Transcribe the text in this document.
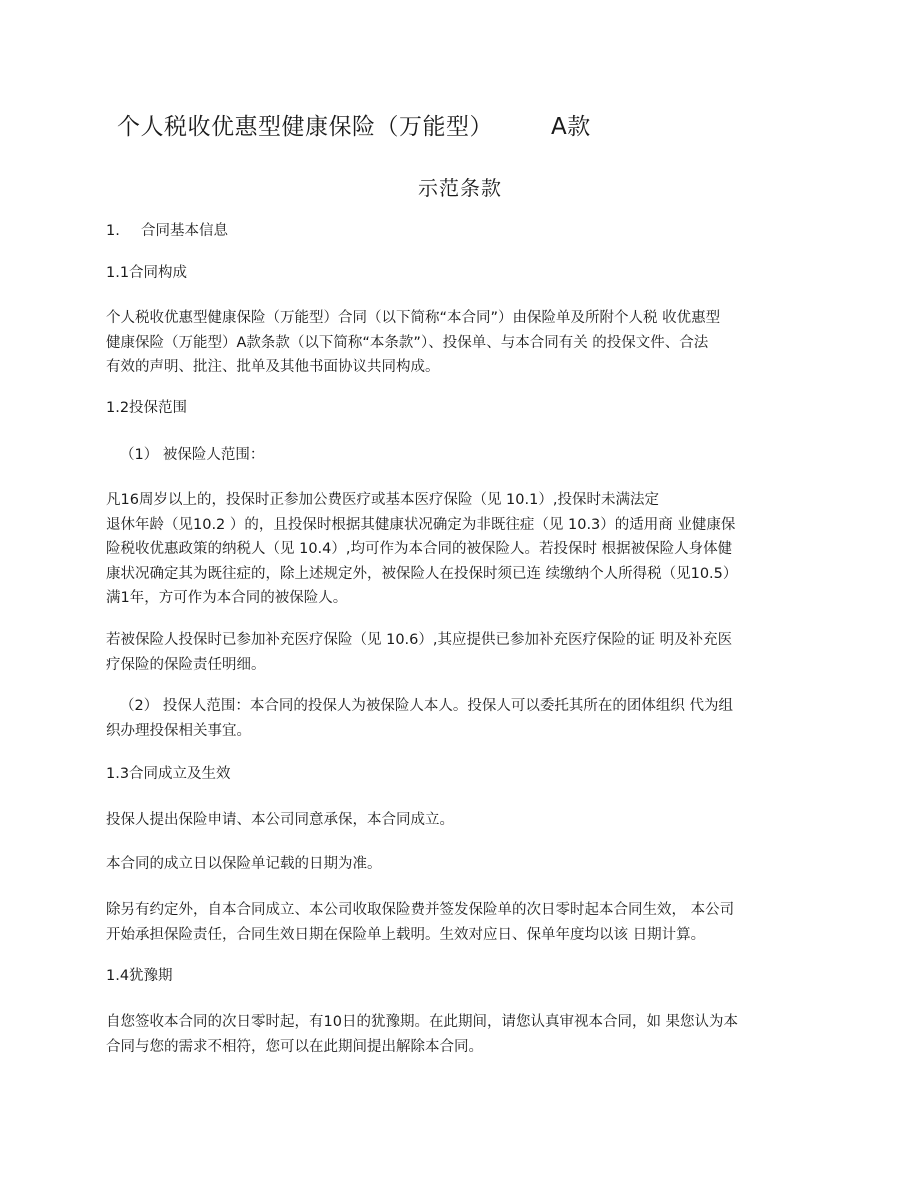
个人税收优惠型健康保险（万能型）	A款
示范条款
1. 合同基本信息
1.1合同构成
个人税收优惠型健康保险（万能型）合同（以下简称“本合同”）由保险单及所附个人税 收优惠型
健康保险（万能型）A款条款（以下简称“本条款”）、投保单、与本合同有关 的投保文件、合法
有效的声明、批注、批单及其他书面协议共同构成。
1.2投保范围
（1） 被保险人范围：
凡16周岁以上的，投保时正参加公费医疗或基本医疗保险（见 10.1）,投保时未满法定
退休年龄（见10.2 ）的，且投保时根据其健康状况确定为非既往症（见 10.3）的适用商 业健康保
险税收优惠政策的纳税人（见 10.4）,均可作为本合同的被保险人。若投保时 根据被保险人身体健
康状况确定其为既往症的，除上述规定外，被保险人在投保时须已连 续缴纳个人所得税（见10.5）
满1年，方可作为本合同的被保险人。
若被保险人投保时已参加补充医疗保险（见 10.6）,其应提供已参加补充医疗保险的证 明及补充医
疗保险的保险责任明细。
（2） 投保人范围：本合同的投保人为被保险人本人。投保人可以委托其所在的团体组织 代为组
织办理投保相关事宜。
1.3合同成立及生效
投保人提出保险申请、本公司同意承保，本合同成立。
本合同的成立日以保险单记载的日期为准。
除另有约定外，自本合同成立、本公司收取保险费并签发保险单的次日零时起本合同生效， 本公司
开始承担保险责任，合同生效日期在保险单上载明。生效对应日、保单年度均以该 日期计算。
1.4犹豫期
自您签收本合同的次日零时起，有10日的犹豫期。在此期间，请您认真审视本合同，如 果您认为本
合同与您的需求不相符，您可以在此期间提出解除本合同。
